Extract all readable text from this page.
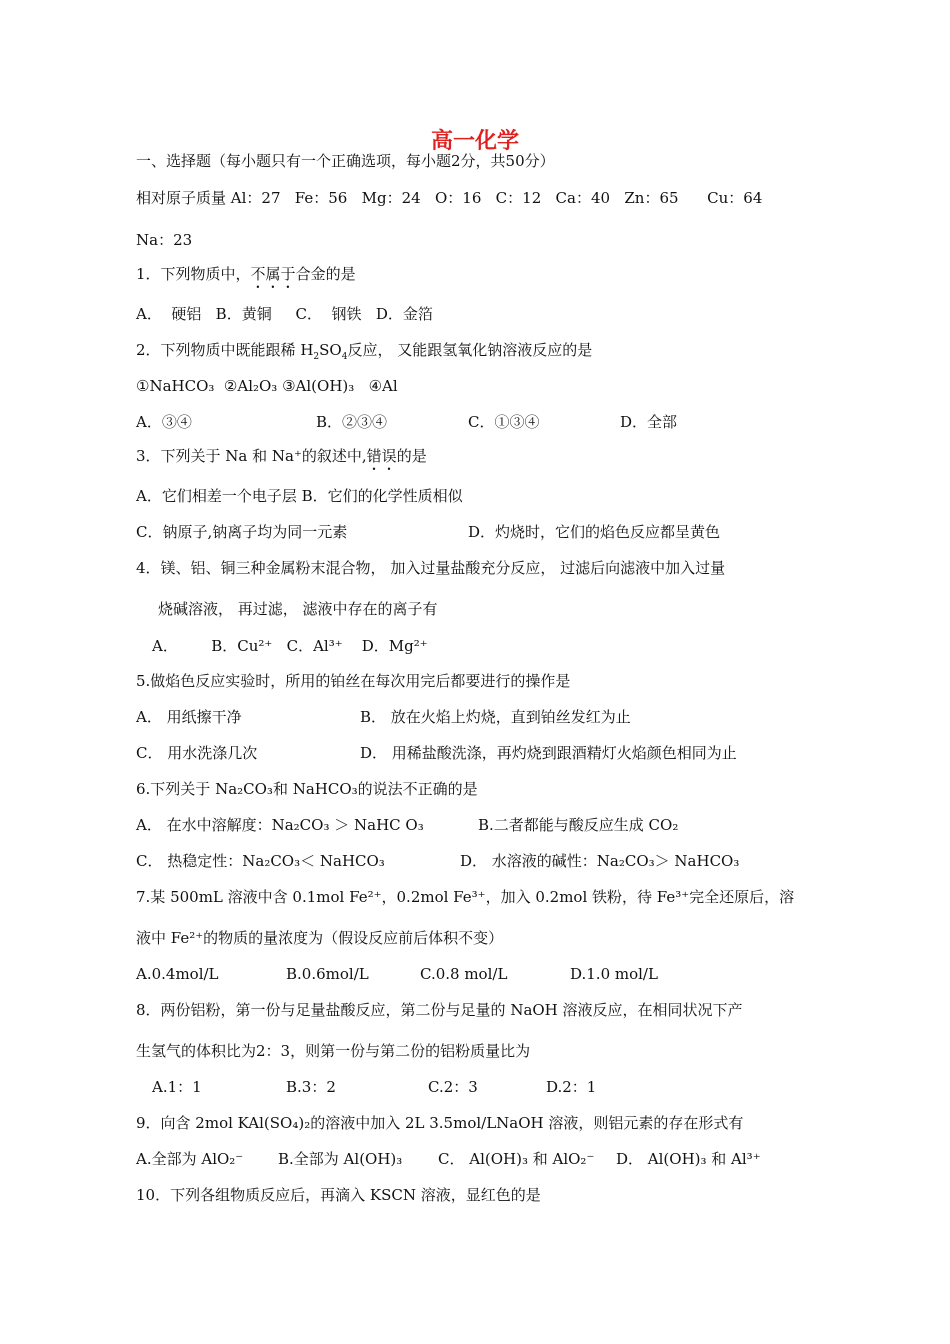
高一化学
一、选择题（每小题只有一个正确选项，每小题2分，共50分）
相对原子质量 Al：27   Fe：56   Mg：24   O：16   C：12   Ca：40   Zn：65      Cu：64
Na：23
1．下列物质中，不属于合金的是
A．  硬铝   B．黄铜     C．  钢铁   D．金箔
2．下列物质中既能跟稀 $H_2SO_4$反应， 又能跟氢氧化钠溶液反应的是
①NaHCO₃  ②Al₂O₃ ③Al(OH)₃   ④Al
A．③④	B．②③④	C．①③④	D．全部
3．下列关于 Na 和 Na⁺的叙述中,错误的是
A．它们相差一个电子层 B．它们的化学性质相似
C．钠原子,钠离子均为同一元素	D．灼烧时，它们的焰色反应都呈黄色
4．镁、铝、铜三种金属粉末混合物， 加入过量盐酸充分反应， 过滤后向滤液中加入过量
烧碱溶液， 再过滤， 滤液中存在的离子有
A．       B．Cu²⁺   C．Al³⁺    D．Mg²⁺
5.做焰色反应实验时，所用的铂丝在每次用完后都要进行的操作是
A． 用纸擦干净	B． 放在火焰上灼烧，直到铂丝发红为止
C． 用水洗涤几次	D． 用稀盐酸洗涤，再灼烧到跟酒精灯火焰颜色相同为止
6.下列关于 Na₂CO₃和 NaHCO₃的说法不正确的是
A． 在水中溶解度：Na₂CO₃ ＞ NaHC O₃	B.二者都能与酸反应生成 CO₂
C． 热稳定性：Na₂CO₃＜ NaHCO₃	D． 水溶液的碱性：Na₂CO₃＞ NaHCO₃
7.某 500mL 溶液中含 0.1mol Fe²⁺，0.2mol Fe³⁺，加入 0.2mol 铁粉，待 Fe³⁺完全还原后，溶
液中 Fe²⁺的物质的量浓度为（假设反应前后体积不变）
A.0.4mol/L	B.0.6mol/L	C.0.8 mol/L	D.1.0 mol/L
8．两份铝粉，第一份与足量盐酸反应，第二份与足量的 NaOH 溶液反应，在相同状况下产
生氢气的体积比为2：3，则第一份与第二份的铝粉质量比为
A.1：1	B.3：2	C.2：3	D.2：1
9．向含 2mol KAl(SO₄)₂的溶液中加入 2L 3.5mol/LNaOH 溶液，则铝元素的存在形式有
A.全部为 AlO₂⁻ B.全部为 Al(OH)₃ C． Al(OH)₃ 和 AlO₂⁻ D． Al(OH)₃ 和 Al³⁺
10．下列各组物质反应后，再滴入 KSCN 溶液，显红色的是
